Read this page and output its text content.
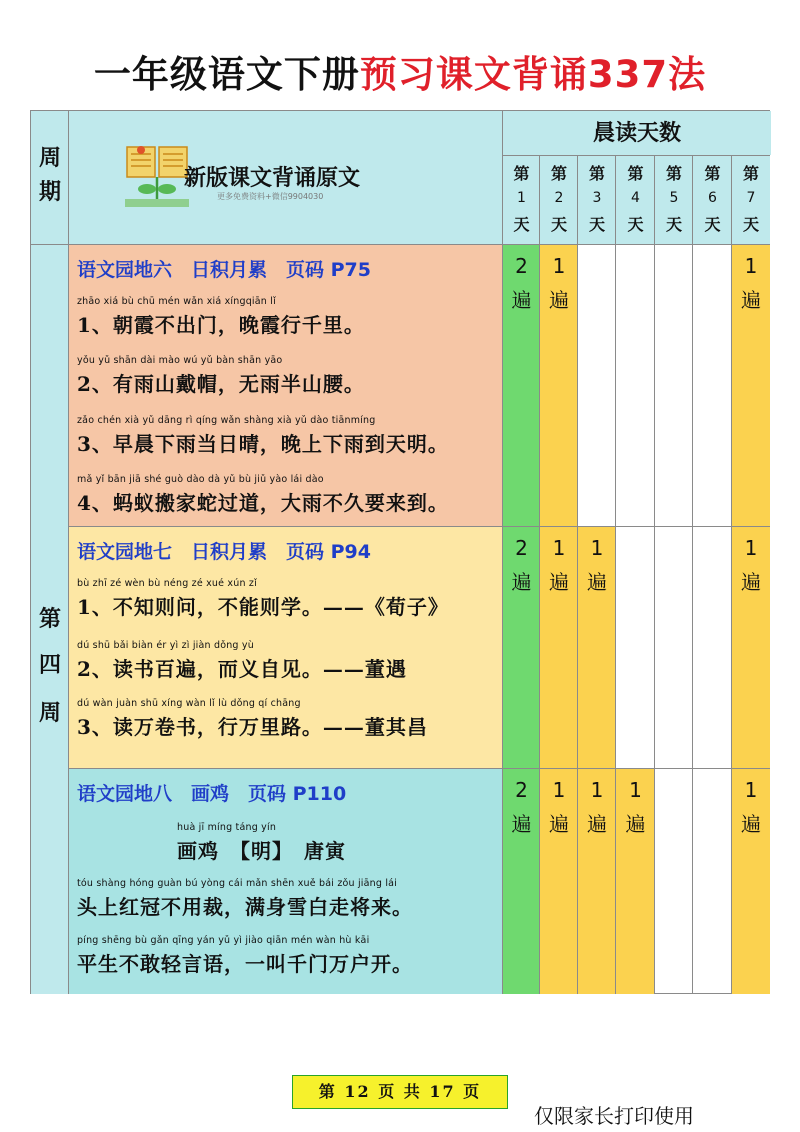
一年级语文下册预习课文背诵337法
周期
新版课文背诵原文
更多免费资料+微信9904030
晨读天数
第
1
天
第
2
天
第
3
天
第
4
天
第
5
天
第
6
天
第
7
天
第
四
周
语文园地六　日积月累　页码 P75
zhāo xiá bù chū mén wǎn xiá xíngqiān lǐ
1、朝霞不出门，晚霞行千里。
yǒu yǔ shān dài mào wú yǔ bàn shān yāo
2、有雨山戴帽，无雨半山腰。
zǎo chén xià yǔ dāng rì qíng wǎn shàng xià yǔ dào tiānmíng
3、早晨下雨当日晴，晚上下雨到天明。
mǎ yǐ bān jiā shé guò dào dà yǔ bù jiǔ yào lái dào
4、蚂蚁搬家蛇过道，大雨不久要来到。
语文园地七　日积月累　页码 P94
bù zhī zé wèn bù néng zé xué xún zǐ
1、不知则问，不能则学。——《荀子》
dú shū bǎi biàn ér yì zì jiàn dǒng yù
2、读书百遍，而义自见。——董遇
dú wàn juàn shū xíng wàn lǐ lù dǒng qí chāng
3、读万卷书，行万里路。——董其昌
语文园地八　画鸡　页码 P110
huà jī míng táng yín
画鸡　【明】　唐寅
tóu shàng hóng guàn bú yòng cái mǎn shēn xuě bái zǒu jiāng lái
头上红冠不用裁，满身雪白走将来。
píng shēng bù gǎn qīng yán yǔ yì jiào qiān mén wàn hù kāi
平生不敢轻言语，一叫千门万户开。
2
遍
1
遍
1
遍
2
遍
1
遍
1
遍
1
遍
2
遍
1
遍
1
遍
1
遍
1
遍
第 12 页 共 17 页
仅限家长打印使用
